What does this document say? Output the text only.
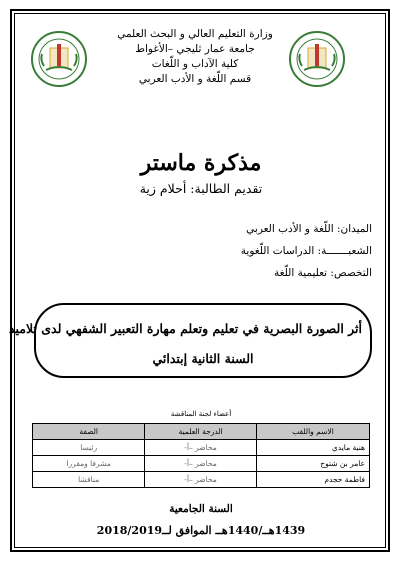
وزارة التعليم العالي و البحث العلمي
جامعة عمار ثليجي –الأغواط
كلية الآداب و اللّغات
قسم اللّغة و الأدب العربي
مذكرة ماستر
تقديم الطالبة: أحلام زية
الميدان: اللّغة و الأدب العربي
الشعبـــــــة: الدراسات اللّغوية
التخصص: تعليمية اللّغة
أثر الصورة البصرية في تعليم وتعلم مهارة التعبير الشفهي لدى تلاميذ
السنة الثانية إبتدائي
أعضاء لجنة المناقشة
الاسم واللقب	الدرجة العلمية	الصفة
هنية مايدي	محاضر –أ-	رئيسا
عامر بن شتوح	محاضر –أ-	مشرفا ومقررا
فاطمة حجدم	محاضر –أ-	مناقشا
السنة الجامعية
1439هــ/1440هــ الموافق لــ2018/2019
